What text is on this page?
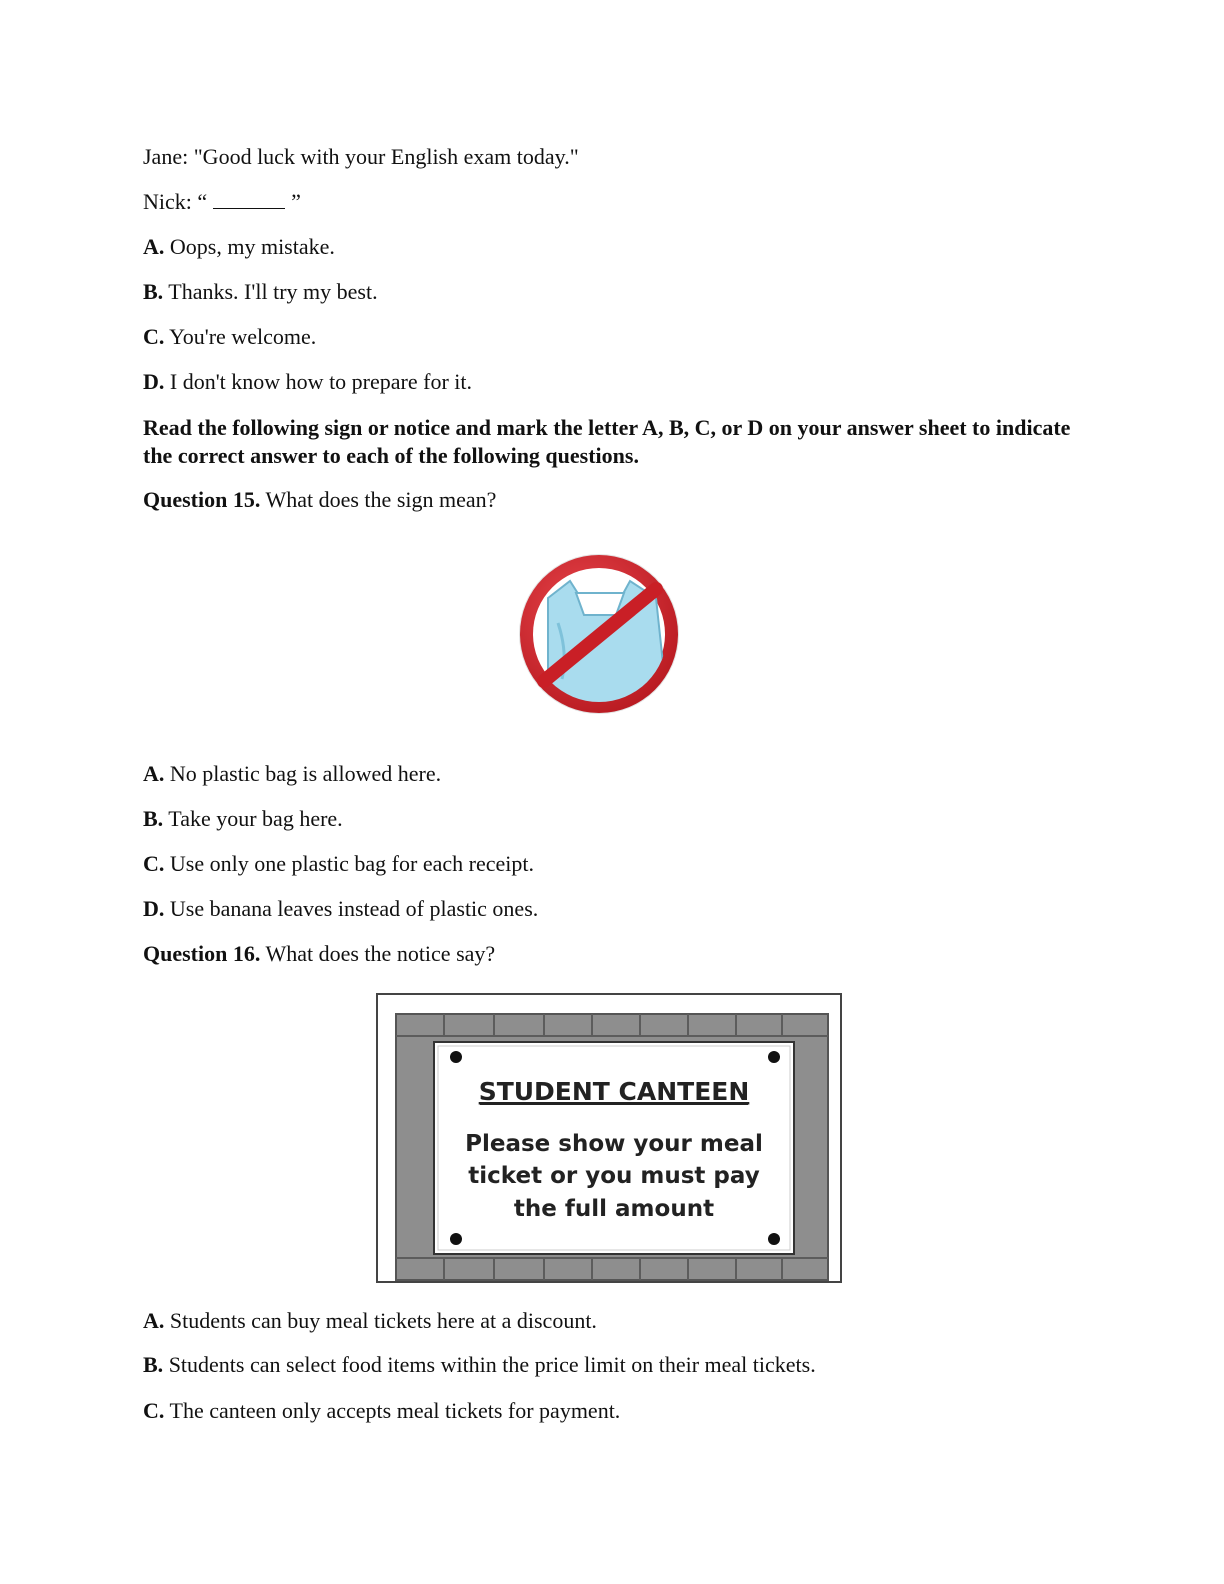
Jane: "Good luck with your English exam today."
Nick: “	”
A. Oops, my mistake.
B. Thanks. I'll try my best.
C. You're welcome.
D. I don't know how to prepare for it.
Read the following sign or notice and mark the letter A, B, C, or D on your answer sheet to indicate the correct answer to each of the following questions.
Question 15. What does the sign mean?
A. No plastic bag is allowed here.
B. Take your bag here.
C. Use only one plastic bag for each receipt.
D. Use banana leaves instead of plastic ones.
Question 16. What does the notice say?
STUDENT CANTEEN
Please show your meal
ticket or you must pay
the full amount
A. Students can buy meal tickets here at a discount.
B. Students can select food items within the price limit on their meal tickets.
C. The canteen only accepts meal tickets for payment.
